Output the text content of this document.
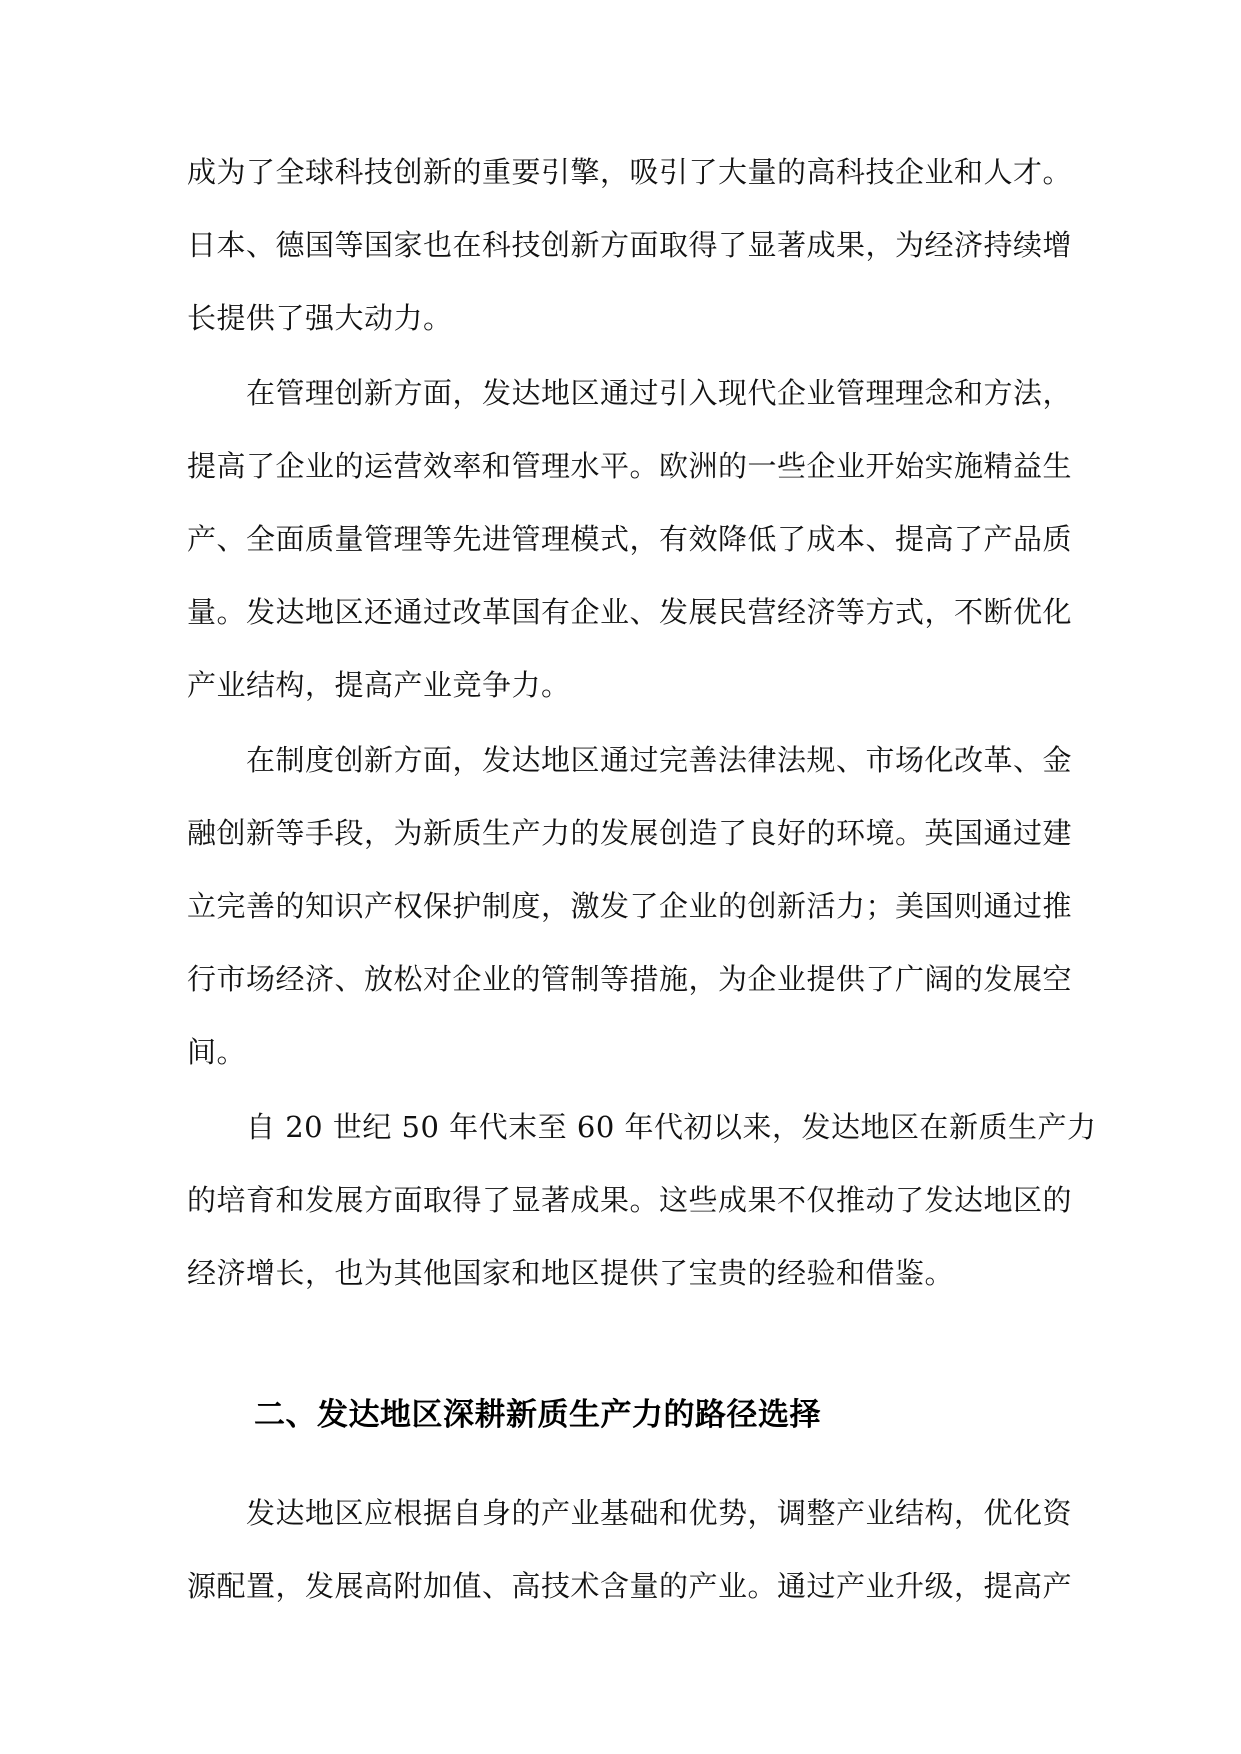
成为了全球科技创新的重要引擎，吸引了大量的高科技企业和人才。
日本、德国等国家也在科技创新方面取得了显著成果，为经济持续增
长提供了强大动力。
在管理创新方面，发达地区通过引入现代企业管理理念和方法，
提高了企业的运营效率和管理水平。欧洲的一些企业开始实施精益生
产、全面质量管理等先进管理模式，有效降低了成本、提高了产品质
量。发达地区还通过改革国有企业、发展民营经济等方式，不断优化
产业结构，提高产业竞争力。
在制度创新方面，发达地区通过完善法律法规、市场化改革、金
融创新等手段，为新质生产力的发展创造了良好的环境。英国通过建
立完善的知识产权保护制度，激发了企业的创新活力；美国则通过推
行市场经济、放松对企业的管制等措施，为企业提供了广阔的发展空
间。
自 20 世纪 50 年代末至 60 年代初以来，发达地区在新质生产力
的培育和发展方面取得了显著成果。这些成果不仅推动了发达地区的
经济增长，也为其他国家和地区提供了宝贵的经验和借鉴。
二、发达地区深耕新质生产力的路径选择
发达地区应根据自身的产业基础和优势，调整产业结构，优化资
源配置，发展高附加值、高技术含量的产业。通过产业升级，提高产
